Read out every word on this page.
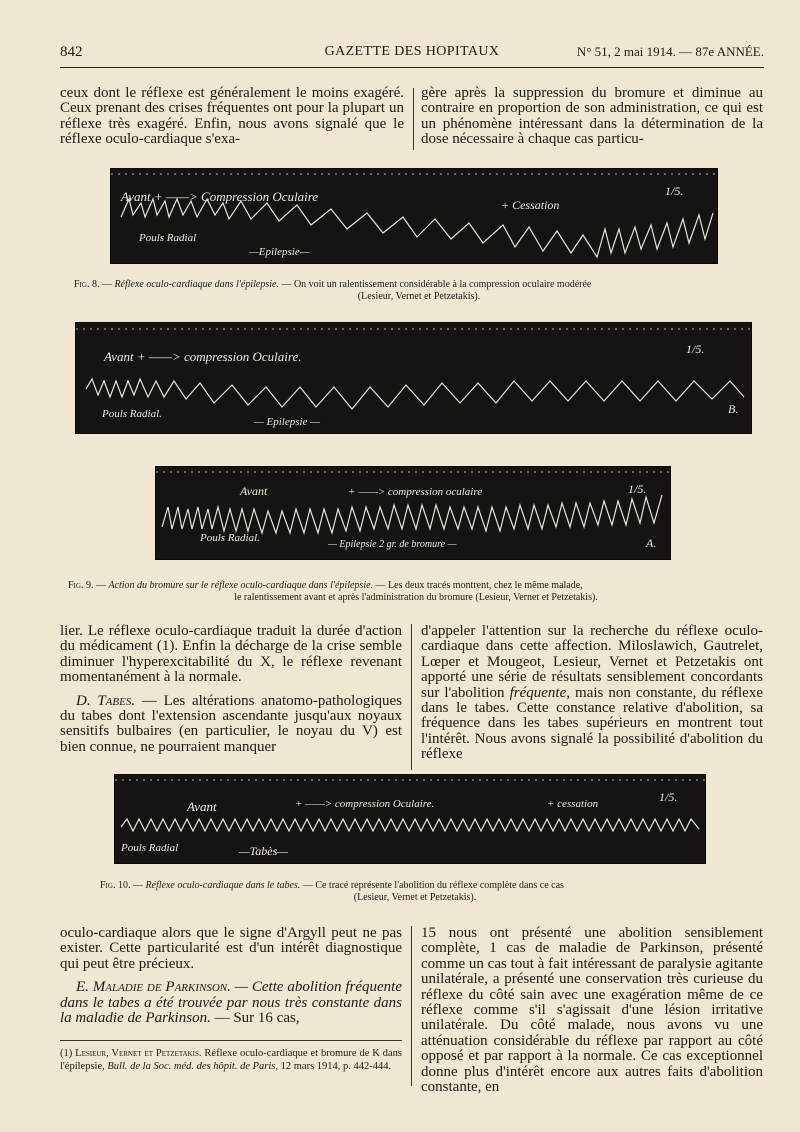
842	GAZETTE DES HOPITAUX	N° 51, 2 mai 1914. — 87e ANNÉE.

ceux dont le réflexe est généralement le moins exagéré. Ceux prenant des crises fréquentes ont pour la plupart un réflexe très exagéré. Enfin, nous avons signalé que le réflexe oculo-cardiaque s'exa-

gère après la suppression du bromure et diminue au contraire en proportion de son administration, ce qui est un phénomène intéressant dans la détermination de la dose nécessaire à chaque cas particu-

Avant + ——> Compression Oculaire
+ Cessation
1/5.
Pouls Radial
—Epilepsie—
Fig. 8. — Réflexe oculo-cardiaque dans l'épilepsie. — On voit un ralentissement considérable à la compression oculaire modérée
(Lesieur, Vernet et Petzetakis).
Avant + ——> compression Oculaire.	1/5.
Pouls Radial.
— Epilepsie —
B.
Avant	+ ——> compression oculaire	1/5.
Pouls Radial.
— Epilepsie 2 gr. de bromure —	A.
Fig. 9. — Action du bromure sur le réflexe oculo-cardiaque dans l'épilepsie. — Les deux tracés montrent, chez le même malade,
le ralentissement avant et après l'administration du bromure (Lesieur, Vernet et Petzetakis).

lier. Le réflexe oculo-cardiaque traduit la durée d'action du médicament (1). Enfin la décharge de la crise semble diminuer l'hyperexcitabilité du X, le réflexe revenant momentanément à la normale.

D. Tabes. — Les altérations anatomo-pathologiques du tabes dont l'extension ascendante jusqu'aux noyaux sensitifs bulbaires (en particulier, le noyau du V) est bien connue, ne pourraient manquer

d'appeler l'attention sur la recherche du réflexe oculo-cardiaque dans cette affection. Miloslawich, Gautrelet, Lœper et Mougeot, Lesieur, Vernet et Petzetakis ont apporté une série de résultats sensiblement concordants sur l'abolition fréquente, mais non constante, du réflexe dans le tabes. Cette constance relative d'abolition, sa fréquence dans les tabes supérieurs en montrent tout l'intérêt. Nous avons signalé la possibilité d'abolition du réflexe

Avant	+ ——> compression Oculaire.	+ cessation	1/5.
Pouls Radial	—Tabès—
Fig. 10. — Réflexe oculo-cardiaque dans le tabes. — Ce tracé représente l'abolition du réflexe complète dans ce cas
(Lesieur, Vernet et Petzetakis).

oculo-cardiaque alors que le signe d'Argyll peut ne pas exister. Cette particularité est d'un intérêt diagnostique qui peut être précieux.

E. Maladie de Parkinson. — Cette abolition fréquente dans le tabes a été trouvée par nous très constante dans la maladie de Parkinson. — Sur 16 cas,

15 nous ont présenté une abolition sensiblement complète, 1 cas de maladie de Parkinson, présenté comme un cas tout à fait intéressant de paralysie agitante unilatérale, a présenté une conservation très curieuse du réflexe du côté sain avec une exagération même de ce réflexe comme s'il s'agissait d'une lésion irritative unilatérale. Du côté malade, nous avons vu une atténuation considérable du réflexe par rapport au côté opposé et par rapport à la normale. Ce cas exceptionnel donne plus d'intérêt encore aux autres faits d'abolition constante, en

(1) Lesieur, Vernet et Petzetakis. Réflexe oculo-cardiaque et bromure de K dans l'épilepsie, Bull. de la Soc. méd. des hôpit. de Paris, 12 mars 1914, p. 442-444.
